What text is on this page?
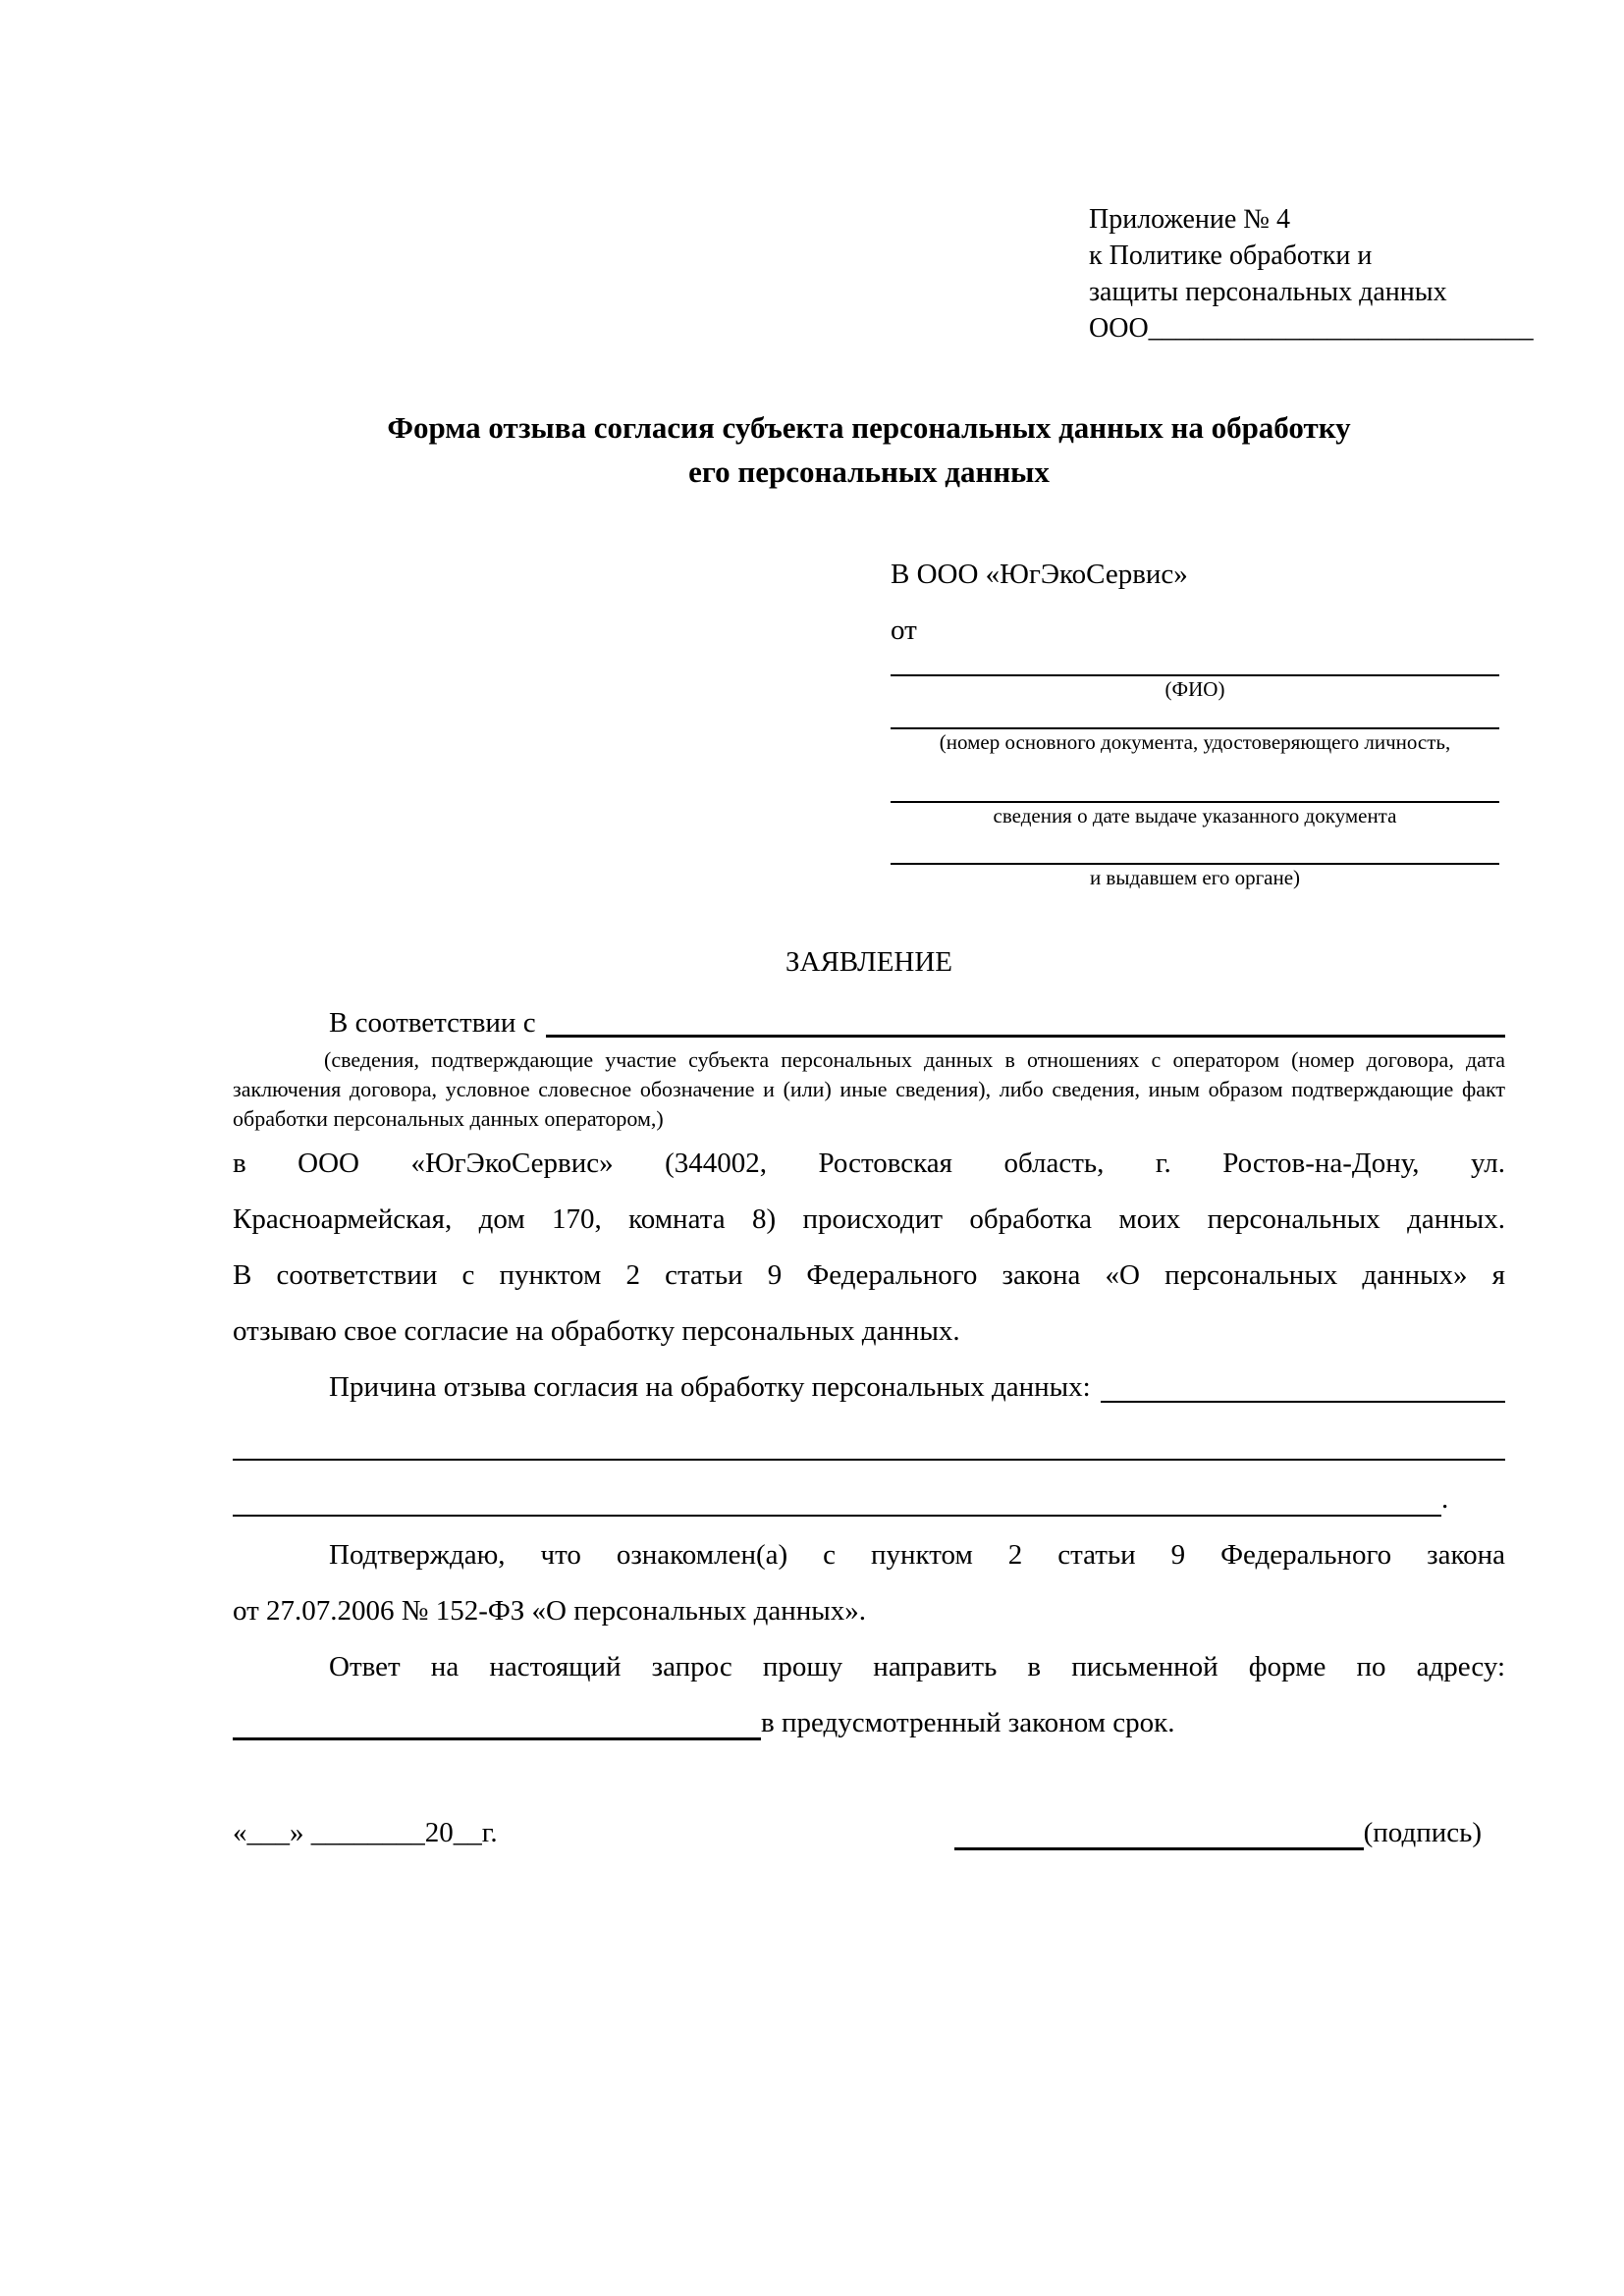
Приложение № 4
к Политике обработки и
защиты персональных данных
ООО____________________________
Форма отзыва согласия субъекта персональных данных на обработку
его персональных данных
В ООО «ЮгЭкоСервис»
от
(ФИО)
(номер основного документа, удостоверяющего личность,
сведения о дате выдаче указанного документа
и выдавшем его органе)
ЗАЯВЛЕНИЕ
В соответствии с
(сведения, подтверждающие участие субъекта персональных данных в отношениях с оператором (номер договора, дата
заключения договора, условное словесное обозначение и (или) иные сведения), либо сведения, иным образом подтверждающие факт
обработки персональных данных оператором,)
в ООО «ЮгЭкоСервис» (344002, Ростовская область, г. Ростов-на-Дону, ул.
Красноармейская, дом 170, комната 8) происходит обработка моих персональных данных.
В соответствии с пунктом 2 статьи 9 Федерального закона «О персональных данных» я
отзываю свое согласие на обработку персональных данных.
Причина отзыва согласия на обработку персональных данных:
.
Подтверждаю, что ознакомлен(а) с пунктом 2 статьи 9 Федерального закона
от 27.07.2006 № 152-ФЗ «О персональных данных».
Ответ на настоящий запрос прошу направить в письменной форме по адресу:
в предусмотренный законом срок.
«___» ________20__г.	(подпись)
